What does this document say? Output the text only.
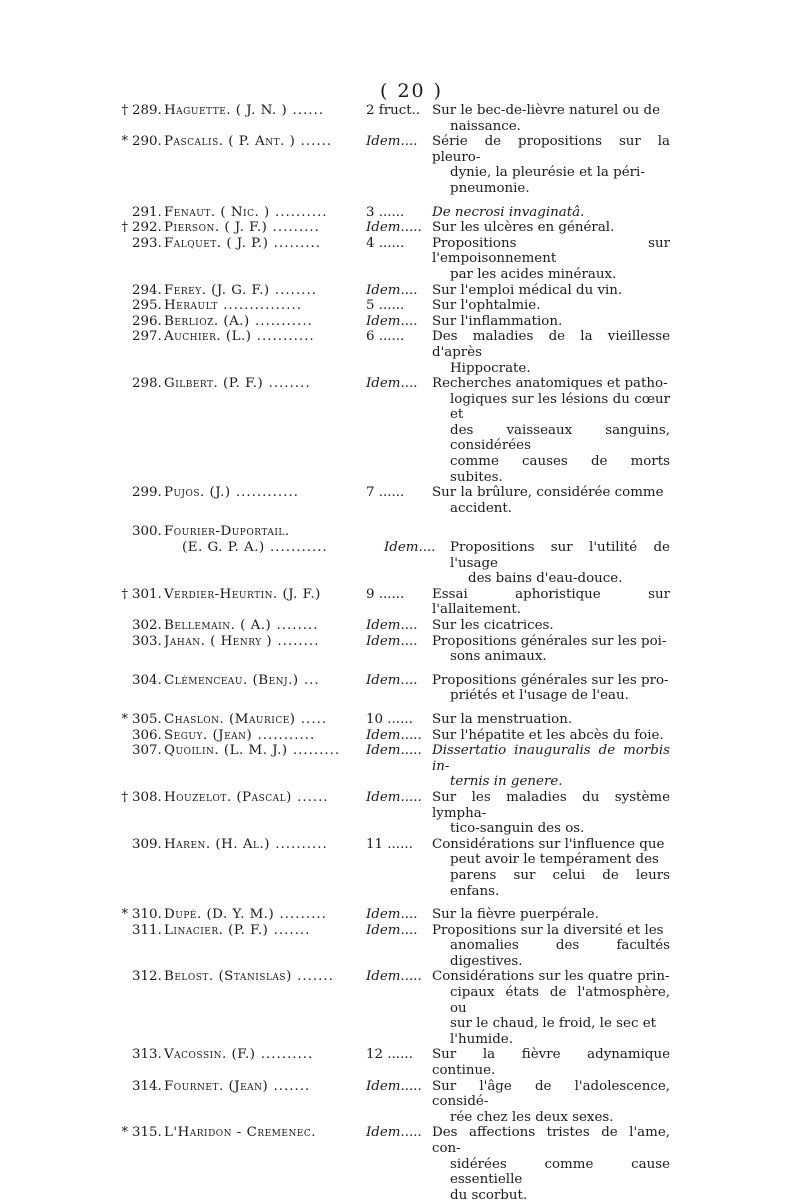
( 20 )
† 289. Haguette. ( J. N. ) ......	2 fruct.. Sur le bec-de-lièvre naturel ou de
naissance.
* 290. Pascalis. ( P. Ant. ) ......	Idem....	Série de propositions sur la pleuro-
dynie, la pleurésie et la péri-
pneumonie.
291. Fenaut. ( Nic. ) ..........	3 ......	De necrosi invaginatâ.
† 292. Pierson. ( J. F.) .........	Idem..... Sur les ulcères en général.
293. Falquet. ( J. P.) .........	4 ......	Propositions sur l'empoisonnement
par les acides minéraux.
294. Ferey. (J. G. F.) ........	Idem....	Sur l'emploi médical du vin.
295. Herault ...............	5 ......	Sur l'ophtalmie.
296. Berlioz. (A.) ...........	Idem....	Sur l'inflammation.
297. Auchier. (L.) ...........	6 ......	Des maladies de la vieillesse d'après
Hippocrate.
298. Gilbert. (P. F.) ........	Idem....	Recherches anatomiques et patho-
logiques sur les lésions du cœur et
des vaisseaux sanguins, considérées
comme causes de morts subites.
299. Pujos. (J.) ............	7 ......	Sur la brûlure, considérée comme
accident.
300. Fourier-Duportail.
(E. G. P. A.) ...........	Idem....	Propositions sur l'utilité de l'usage
des bains d'eau-douce.
† 301. Verdier-Heurtin. (J. F.)	9 ......	Essai aphoristique sur l'allaitement.
302. Bellemain. ( A.) ........	Idem....	Sur les cicatrices.
303. Jahan. ( Henry ) ........	Idem....	Propositions générales sur les poi-
sons animaux.
304. Clémenceau. (Benj.) ...	Idem....	Propositions générales sur les pro-
priétés et l'usage de l'eau.
* 305. Chaslon. (Maurice) .....	10 ......	Sur la menstruation.
306. Seguy. (Jean) ...........	Idem..... Sur l'hépatite et les abcès du foie.
307. Quoilin. (L. M. J.) .........	Idem..... Dissertatio inauguralis de morbis in-
ternis in genere.
† 308. Houzelot. (Pascal) ......	Idem..... Sur les maladies du système lympha-
tico-sanguin des os.
309. Haren. (H. Al.) ..........	11 ......	Considérations sur l'influence que
peut avoir le tempérament des
parens sur celui de leurs enfans.
* 310. Dupé. (D. Y. M.) .........	Idem....	Sur la fièvre puerpérale.
311. Linacier. (P. F.) .......	Idem....	Propositions sur la diversité et les
anomalies des facultés digestives.
312. Belost. (Stanislas) .......	Idem..... Considérations sur les quatre prin-
cipaux états de l'atmosphère, ou
sur le chaud, le froid, le sec et
l'humide.
313. Vacossin. (F.) ..........	12 ......	Sur la fièvre adynamique continue.
314. Fournet. (Jean) .......	Idem..... Sur l'âge de l'adolescence, considé-
rée chez les deux sexes.
* 315. L'Haridon - Cremenec.	Idem..... Des affections tristes de l'ame, con-
sidérées comme cause essentielle
du scorbut.
